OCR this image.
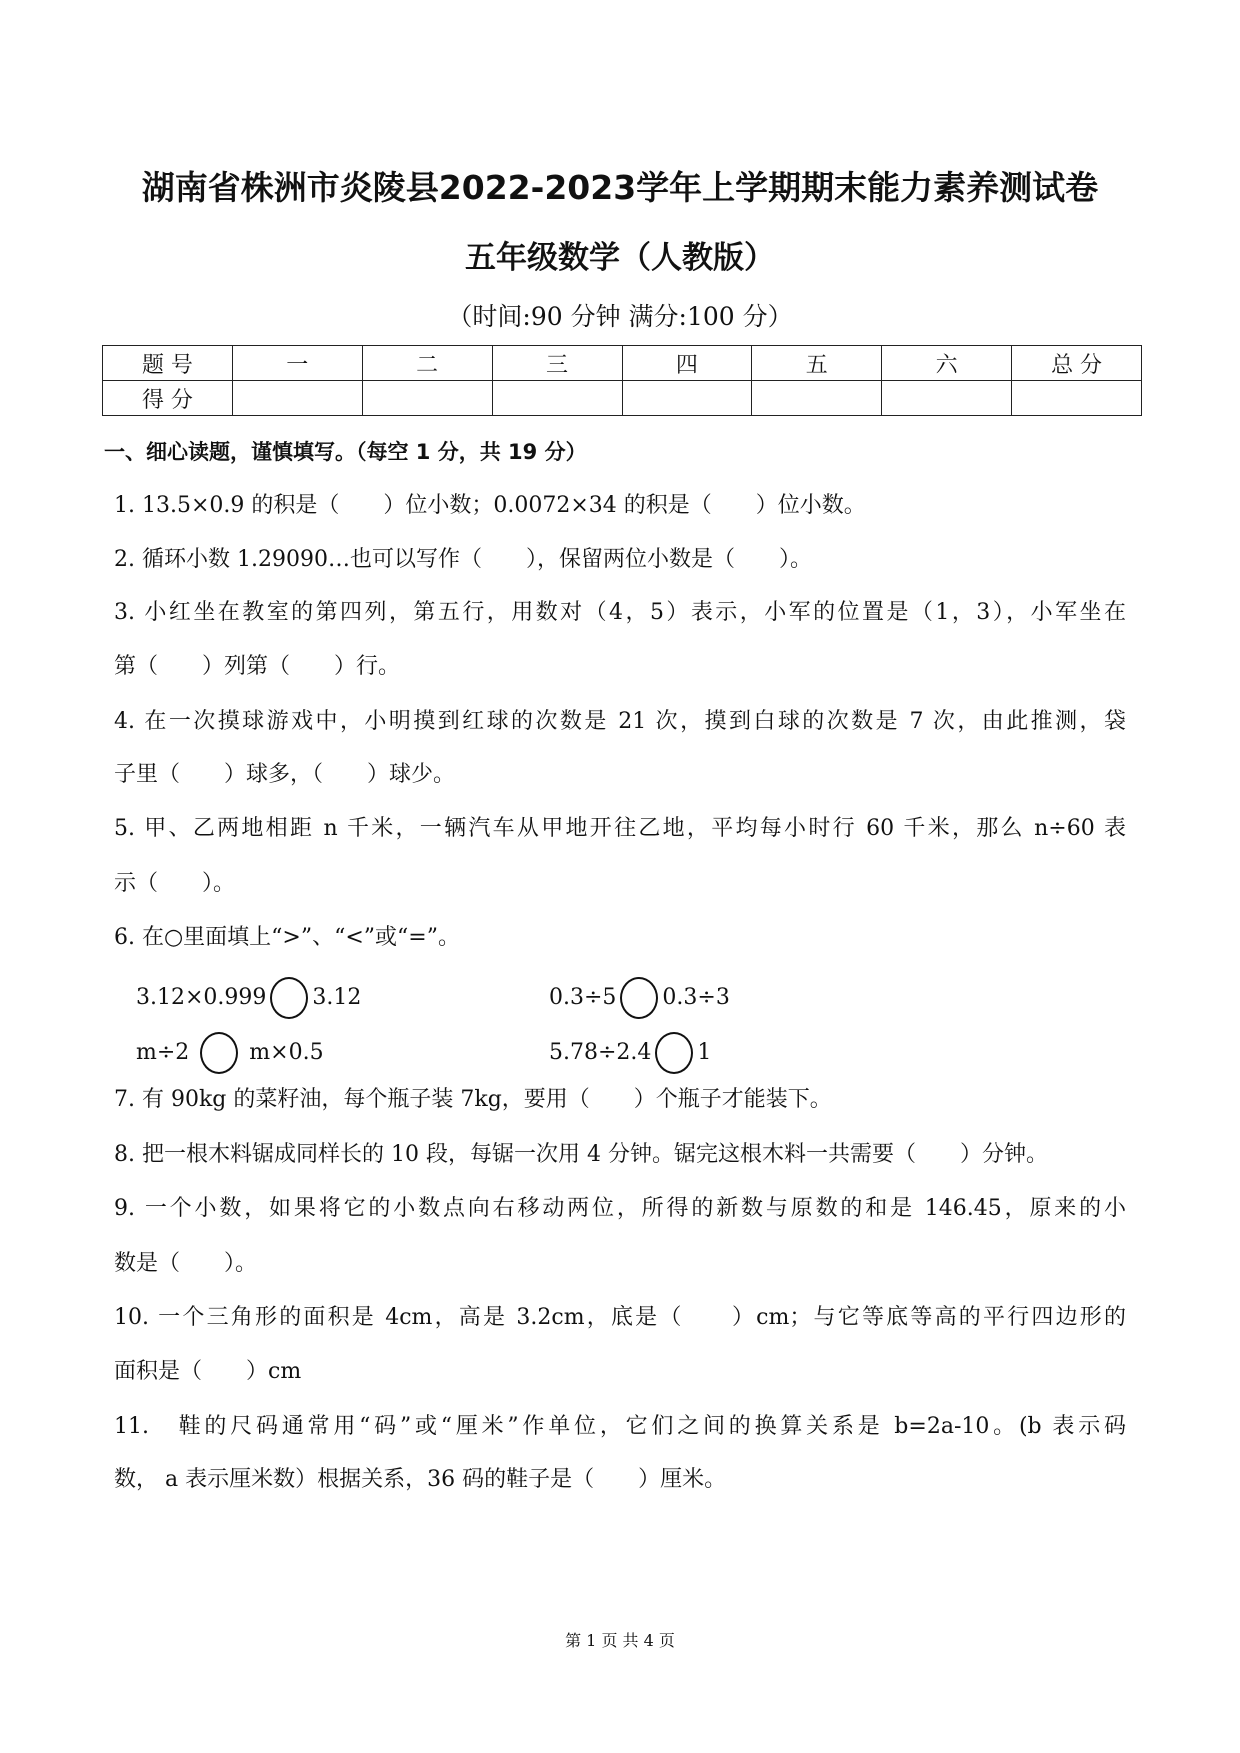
湖南省株洲市炎陵县2022-2023学年上学期期末能力素养测试卷
五年级数学（人教版）
（时间:90 分钟 满分:100 分）
题 号	一	二	三	四	五	六	总 分
得 分							
一、细心读题，谨慎填写。（每空 1 分，共 19 分）
1. 13.5×0.9 的积是（　　）位小数；0.0072×34 的积是（　　）位小数。
2. 循环小数 1.29090…也可以写作（　　），保留两位小数是（　　）。
3. 小红坐在教室的第四列，第五行，用数对（4，5）表示，小军的位置是（1，3），小军坐在
第（　　）列第（　　）行。
4. 在一次摸球游戏中，小明摸到红球的次数是 21 次，摸到白球的次数是 7 次，由此推测，袋
子里（　　）球多，（　　）球少。
5. 甲、乙两地相距 n 千米，一辆汽车从甲地开往乙地，平均每小时行 60 千米，那么 n÷60 表
示（　　）。
6. 在○里面填上“>”、“<”或“=”。
3.12×0.999 3.12	0.3÷5 0.3÷3
m÷2	m×0.5	5.78÷2.4 1
7. 有 90kg 的菜籽油，每个瓶子装 7kg，要用（　　）个瓶子才能装下。
8. 把一根木料锯成同样长的 10 段，每锯一次用 4 分钟。锯完这根木料一共需要（　　）分钟。
9. 一个小数，如果将它的小数点向右移动两位，所得的新数与原数的和是 146.45，原来的小
数是（　　）。
10. 一个三角形的面积是 4cm，高是 3.2cm，底是（　　）cm；与它等底等高的平行四边形的
面积是（　　）cm
11.　鞋的尺码通常用“码”或“厘米”作单位，它们之间的换算关系是 b=2a-10。(b 表示码
数， a 表示厘米数）根据关系，36 码的鞋子是（　　）厘米。
第 1 页 共 4 页
